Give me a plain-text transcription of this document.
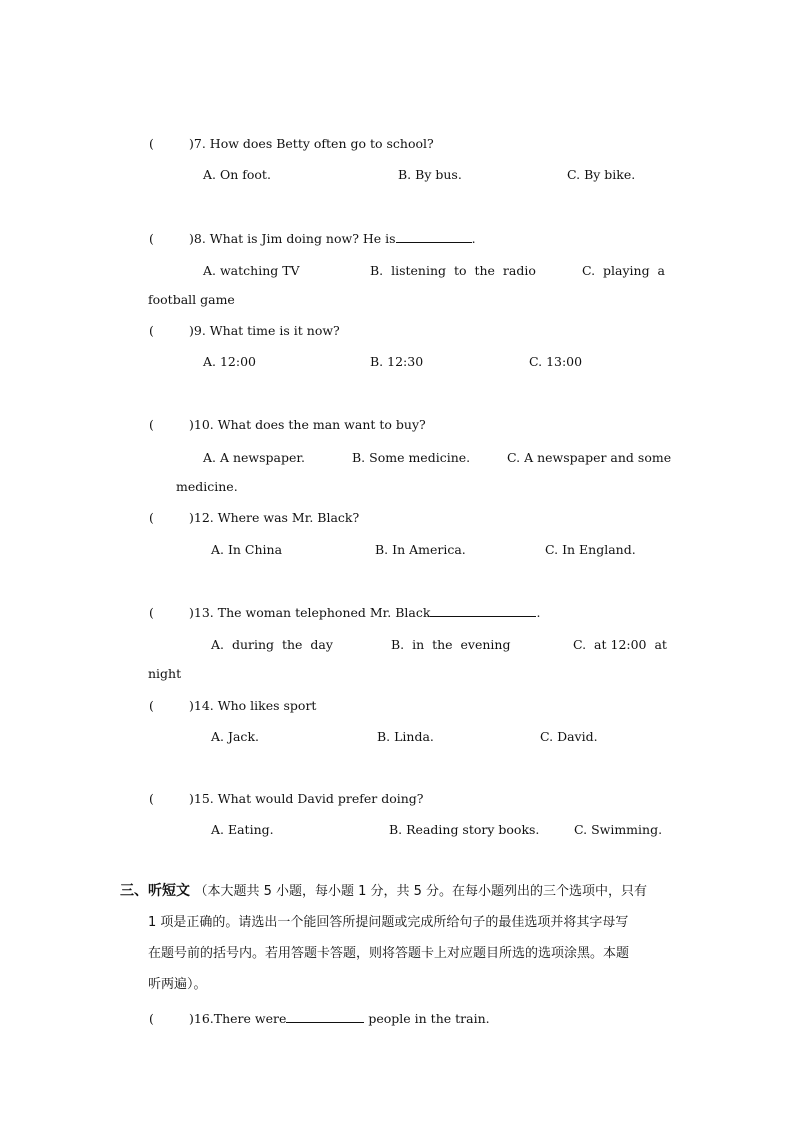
(	)7. How does Betty often go to school?
A. On foot.	B. By bus.	C. By bike.
(	)8. What is Jim doing now? He is	.
A. watching TV	B.  listening  to  the  radio	C.  playing  a
football game
(	)9. What time is it now?
A. 12:00	B. 12:30	C. 13:00
(	)10. What does the man want to buy?
A. A newspaper.	B. Some medicine.	C. A newspaper and some
medicine.
(	)12. Where was Mr. Black?
A. In China	B. In America.	C. In England.
(	)13. The woman telephoned Mr. Black	.
A.  during  the  day	B.  in  the  evening	C.  at 12:00  at
night
(	)14. Who likes sport
A. Jack.	B. Linda.	C. David.
(	)15. What would David prefer doing?
A. Eating.	B. Reading story books.	C. Swimming.
三、听短文 （本大题共 5 小题，每小题 1 分，共 5 分。在每小题列出的三个选项中，只有
1 项是正确的。请选出一个能回答所提问题或完成所给句子的最佳选项并将其字母写
在题号前的括号内。若用答题卡答题，则将答题卡上对应题目所选的选项涂黑。本题
听两遍）。
(	)16.There were	people in the train.
